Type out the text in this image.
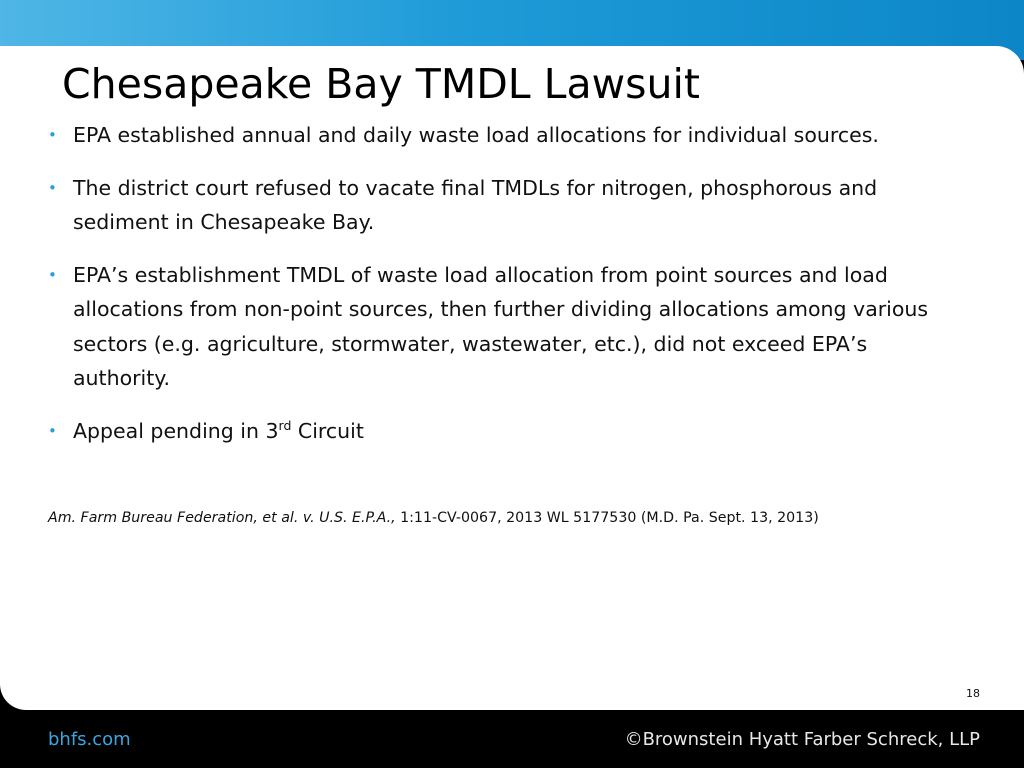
Chesapeake Bay TMDL Lawsuit
• EPA established annual and daily waste load allocations for individual sources.
• The district court refused to vacate final TMDLs for nitrogen, phosphorous and sediment in Chesapeake Bay.
• EPA’s establishment TMDL of waste load allocation from point sources and load allocations from non-point sources, then further dividing allocations among various sectors (e.g. agriculture, stormwater, wastewater, etc.), did not exceed EPA’s authority.
• Appeal pending in 3rd Circuit
Am. Farm Bureau Federation, et al. v. U.S. E.P.A., 1:11-CV-0067, 2013 WL 5177530 (M.D. Pa. Sept. 13, 2013)
18
bhfs.com	©Brownstein Hyatt Farber Schreck, LLP
